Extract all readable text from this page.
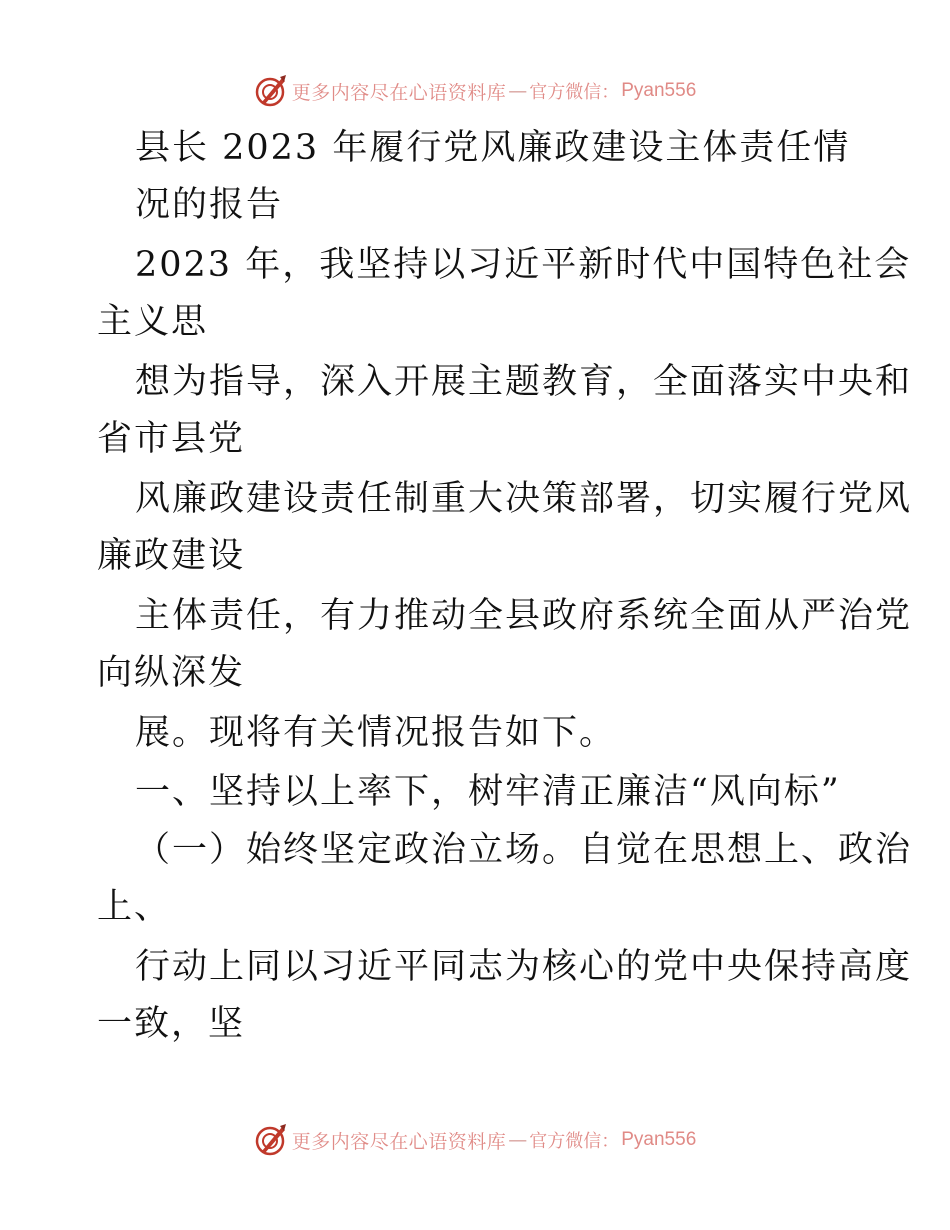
更多内容尽在心语资料库 — 官方微信： Pyan556
县长 2023 年履行党风廉政建设主体责任情
况的报告
2023 年，我坚持以习近平新时代中国特色社会
主义思
想为指导，深入开展主题教育，全面落实中央和
省市县党
风廉政建设责任制重大决策部署，切实履行党风
廉政建设
主体责任，有力推动全县政府系统全面从严治党
向纵深发
展。现将有关情况报告如下。
一、坚持以上率下，树牢清正廉洁“风向标”
（一）始终坚定政治立场。自觉在思想上、政治
上、
行动上同以习近平同志为核心的党中央保持高度
一致，坚
更多内容尽在心语资料库 — 官方微信： Pyan556
